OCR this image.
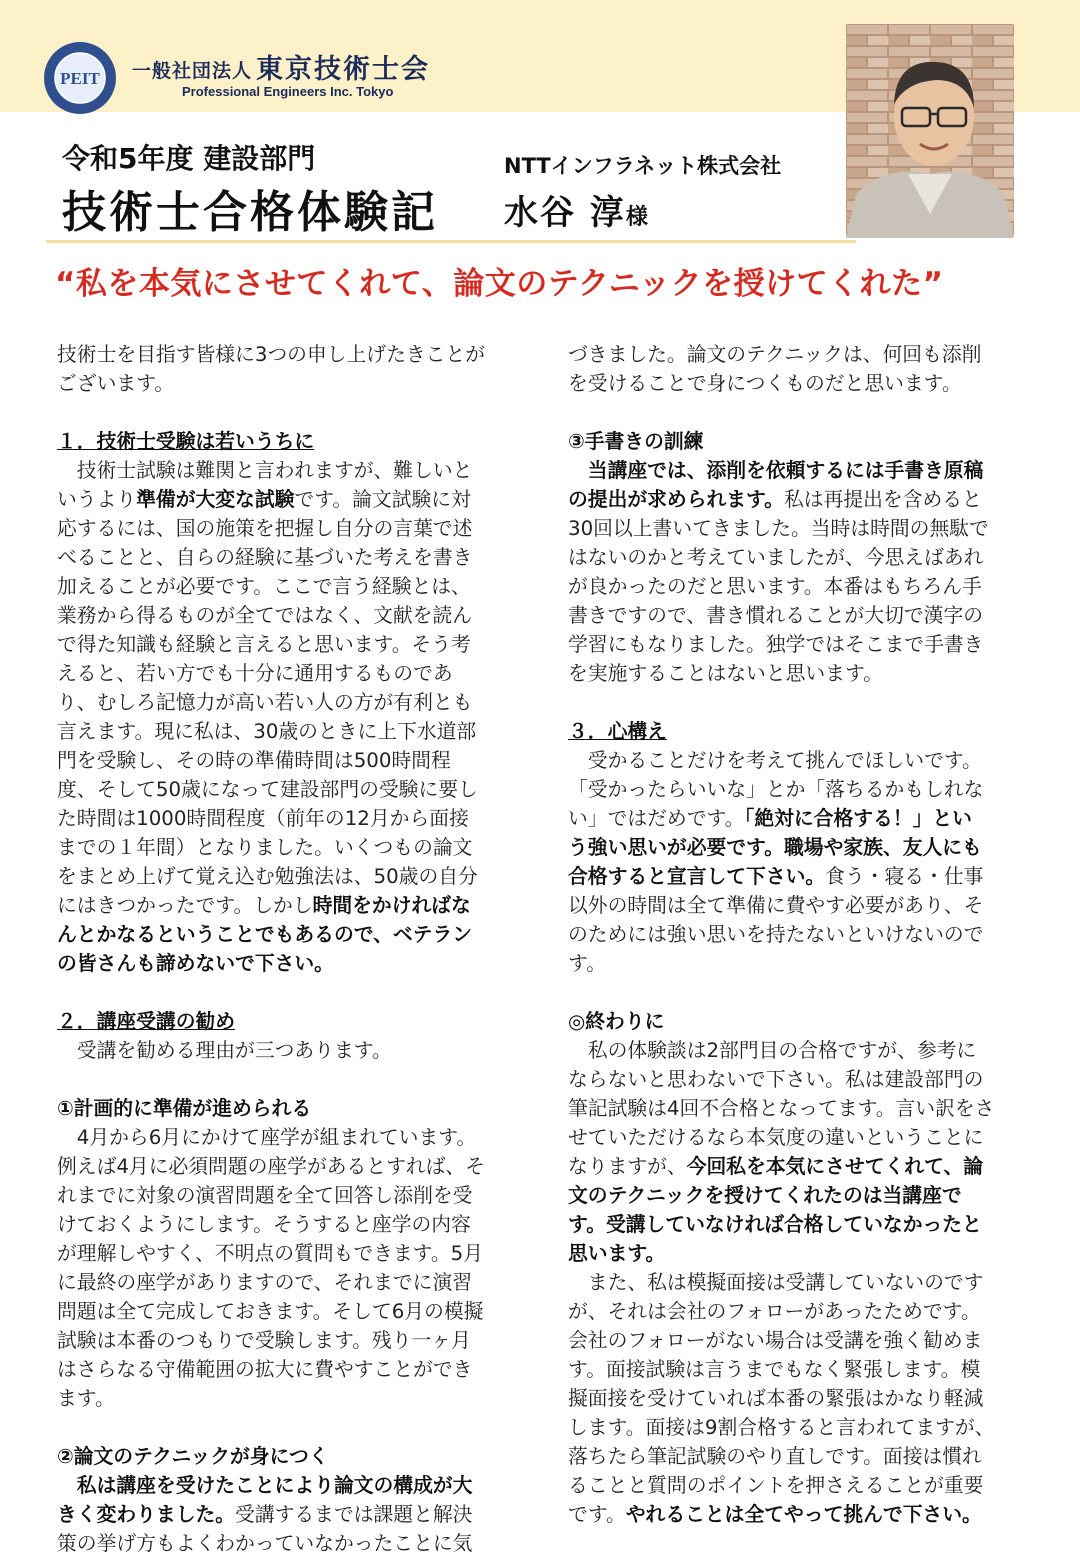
PEIT 一般社団法人 東京技術士会
Professional Engineers Inc. Tokyo
令和5年度 建設部門
技術士合格体験記
NTTインフラネット株式会社
水谷 淳様
“私を本気にさせてくれて、論文のテクニックを授けてくれた”

技術士を目指す皆様に3つの申し上げたきことが

ございます。

１．技術士受験は若いうちに

　技術士試験は難関と言われますが、難しいと

いうより準備が大変な試験です。論文試験に対

応するには、国の施策を把握し自分の言葉で述

べることと、自らの経験に基づいた考えを書き

加えることが必要です。ここで言う経験とは、

業務から得るものが全てではなく、文献を読ん

で得た知識も経験と言えると思います。そう考

えると、若い方でも十分に通用するものであ

り、むしろ記憶力が高い若い人の方が有利とも

言えます。現に私は、30歳のときに上下水道部

門を受験し、その時の準備時間は500時間程

度、そして50歳になって建設部門の受験に要し

た時間は1000時間程度（前年の12月から面接

までの１年間）となりました。いくつもの論文

をまとめ上げて覚え込む勉強法は、50歳の自分

にはきつかったです。しかし時間をかければな

んとかなるということでもあるので、ベテラン

の皆さんも諦めないで下さい。

２．講座受講の勧め

　受講を勧める理由が三つあります。

①計画的に準備が進められる

　4月から6月にかけて座学が組まれています。

例えば4月に必須問題の座学があるとすれば、そ

れまでに対象の演習問題を全て回答し添削を受

けておくようにします。そうすると座学の内容

が理解しやすく、不明点の質問もできます。5月

に最終の座学がありますので、それまでに演習

問題は全て完成しておきます。そして6月の模擬

試験は本番のつもりで受験します。残り一ヶ月

はさらなる守備範囲の拡大に費やすことができ

ます。

②論文のテクニックが身につく

　私は講座を受けたことにより論文の構成が大

きく変わりました。受講するまでは課題と解決

策の挙げ方もよくわかっていなかったことに気

づきました。論文のテクニックは、何回も添削

を受けることで身につくものだと思います。

③手書きの訓練

　当講座では、添削を依頼するには手書き原稿

の提出が求められます。私は再提出を含めると

30回以上書いてきました。当時は時間の無駄で

はないのかと考えていましたが、今思えばあれ

が良かったのだと思います。本番はもちろん手

書きですので、書き慣れることが大切で漢字の

学習にもなりました。独学ではそこまで手書き

を実施することはないと思います。

３．心構え

　受かることだけを考えて挑んでほしいです。

「受かったらいいな」とか「落ちるかもしれな

い」ではだめです。「絶対に合格する！」とい

う強い思いが必要です。職場や家族、友人にも

合格すると宣言して下さい。食う・寝る・仕事

以外の時間は全て準備に費やす必要があり、そ

のためには強い思いを持たないといけないので

す。

◎終わりに

　私の体験談は2部門目の合格ですが、参考に

ならないと思わないで下さい。私は建設部門の

筆記試験は4回不合格となってます。言い訳をさ

せていただけるなら本気度の違いということに

なりますが、今回私を本気にさせてくれて、論

文のテクニックを授けてくれたのは当講座で

す。受講していなければ合格していなかったと

思います。

　また、私は模擬面接は受講していないのです

が、それは会社のフォローがあったためです。

会社のフォローがない場合は受講を強く勧めま

す。面接試験は言うまでもなく緊張します。模

擬面接を受けていれば本番の緊張はかなり軽減

します。面接は9割合格すると言われてますが、

落ちたら筆記試験のやり直しです。面接は慣れ

ることと質問のポイントを押さえることが重要

です。やれることは全てやって挑んで下さい。
